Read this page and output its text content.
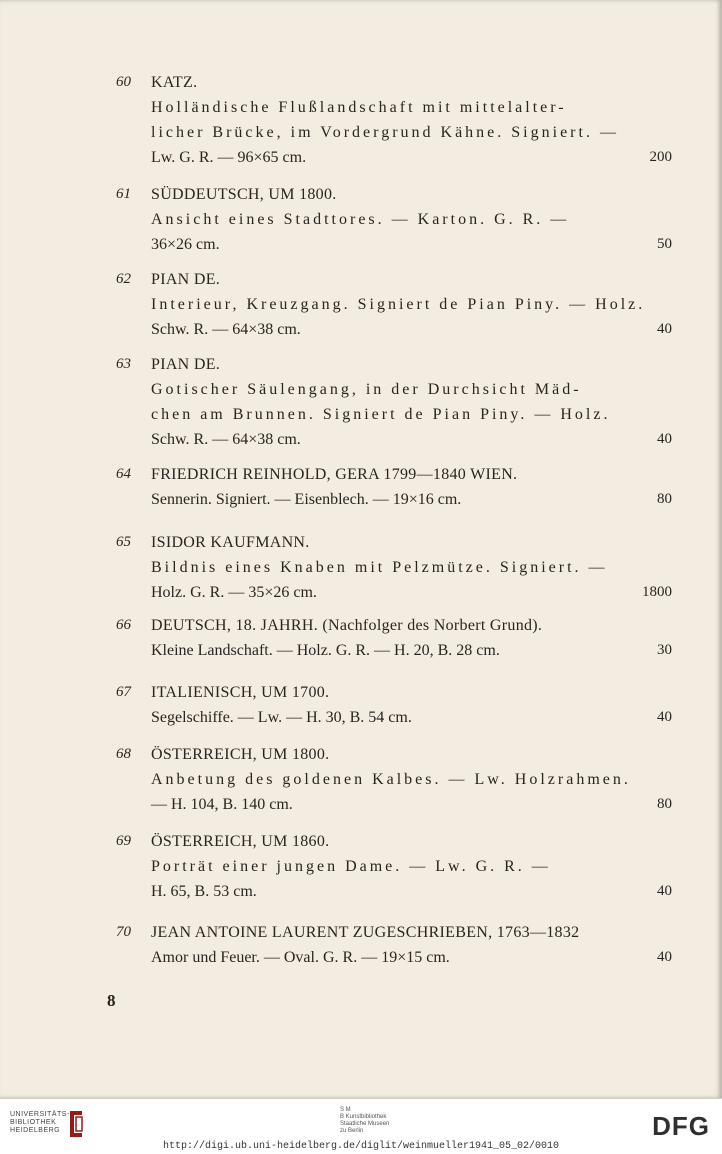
60	KATZ.
Holländische Flußlandschaft mit mittelalter-
licher Brücke, im Vordergrund Kähne. Signiert. —
Lw. G. R. — 96×65 cm.	200
61	SÜDDEUTSCH, UM 1800.
Ansicht eines Stadttores. — Karton. G. R. —
36×26 cm.	50
62	PIAN DE.
Interieur, Kreuzgang. Signiert de Pian Piny. — Holz.
Schw. R. — 64×38 cm.	40
63	PIAN DE.
Gotischer Säulengang, in der Durchsicht Mäd-
chen am Brunnen. Signiert de Pian Piny. — Holz.
Schw. R. — 64×38 cm.	40
64	FRIEDRICH REINHOLD, GERA 1799—1840 WIEN.
Sennerin. Signiert. — Eisenblech. — 19×16 cm.	80
65	ISIDOR KAUFMANN.
Bildnis eines Knaben mit Pelzmütze. Signiert. —
Holz. G. R. — 35×26 cm.	1800
66	DEUTSCH, 18. JAHRH. (Nachfolger des Norbert Grund).
Kleine Landschaft. — Holz. G. R. — H. 20, B. 28 cm.	30
67	ITALIENISCH, UM 1700.
Segelschiffe. — Lw. — H. 30, B. 54 cm.	40
68	ÖSTERREICH, UM 1800.
Anbetung des goldenen Kalbes. — Lw. Holzrahmen.
— H. 104, B. 140 cm.	80
69	ÖSTERREICH, UM 1860.
Porträt einer jungen Dame. — Lw. G. R. —
H. 65, B. 53 cm.	40
70	JEAN ANTOINE LAURENT ZUGESCHRIEBEN, 1763—1832
Amor und Feuer. — Oval. G. R. — 19×15 cm.	40
8
UNIVERSITÄTS-
BIBLIOTHEK
HEIDELBERG
S M
B Kunstbibliothek
Staatliche Museen
zu Berlin	DFG
http://digi.ub.uni-heidelberg.de/diglit/weinmueller1941_05_02/0010
